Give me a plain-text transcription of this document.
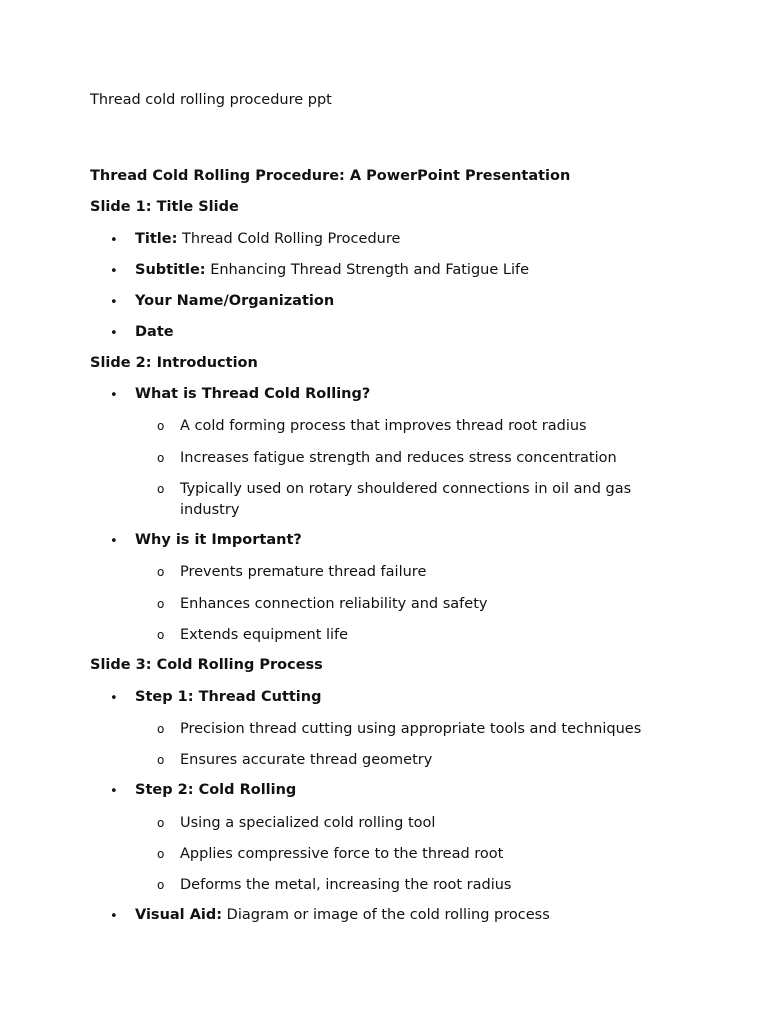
Thread cold rolling procedure ppt
Thread Cold Rolling Procedure: A PowerPoint Presentation
Slide 1: Title Slide
• Title: Thread Cold Rolling Procedure
• Subtitle: Enhancing Thread Strength and Fatigue Life
• Your Name/Organization
• Date
Slide 2: Introduction
• What is Thread Cold Rolling?
o A cold forming process that improves thread root radius
o Increases fatigue strength and reduces stress concentration
o Typically used on rotary shouldered connections in oil and gas
industry
• Why is it Important?
o Prevents premature thread failure
o Enhances connection reliability and safety
o Extends equipment life
Slide 3: Cold Rolling Process
• Step 1: Thread Cutting
o Precision thread cutting using appropriate tools and techniques
o Ensures accurate thread geometry
• Step 2: Cold Rolling
o Using a specialized cold rolling tool
o Applies compressive force to the thread root
o Deforms the metal, increasing the root radius
• Visual Aid: Diagram or image of the cold rolling process
